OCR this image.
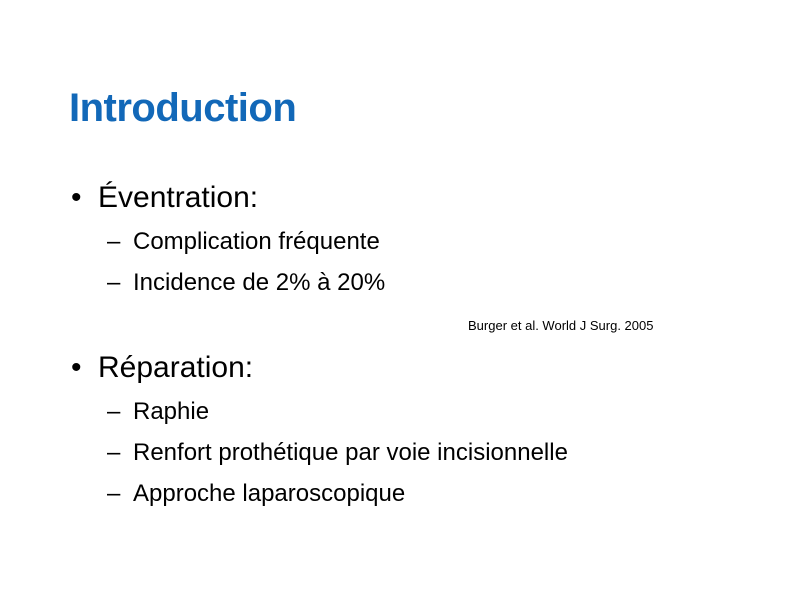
Introduction
• Éventration:
– Complication fréquente
– Incidence de 2% à 20%
Burger et al. World J Surg. 2005
• Réparation:
– Raphie
– Renfort prothétique par voie incisionnelle
– Approche laparoscopique
